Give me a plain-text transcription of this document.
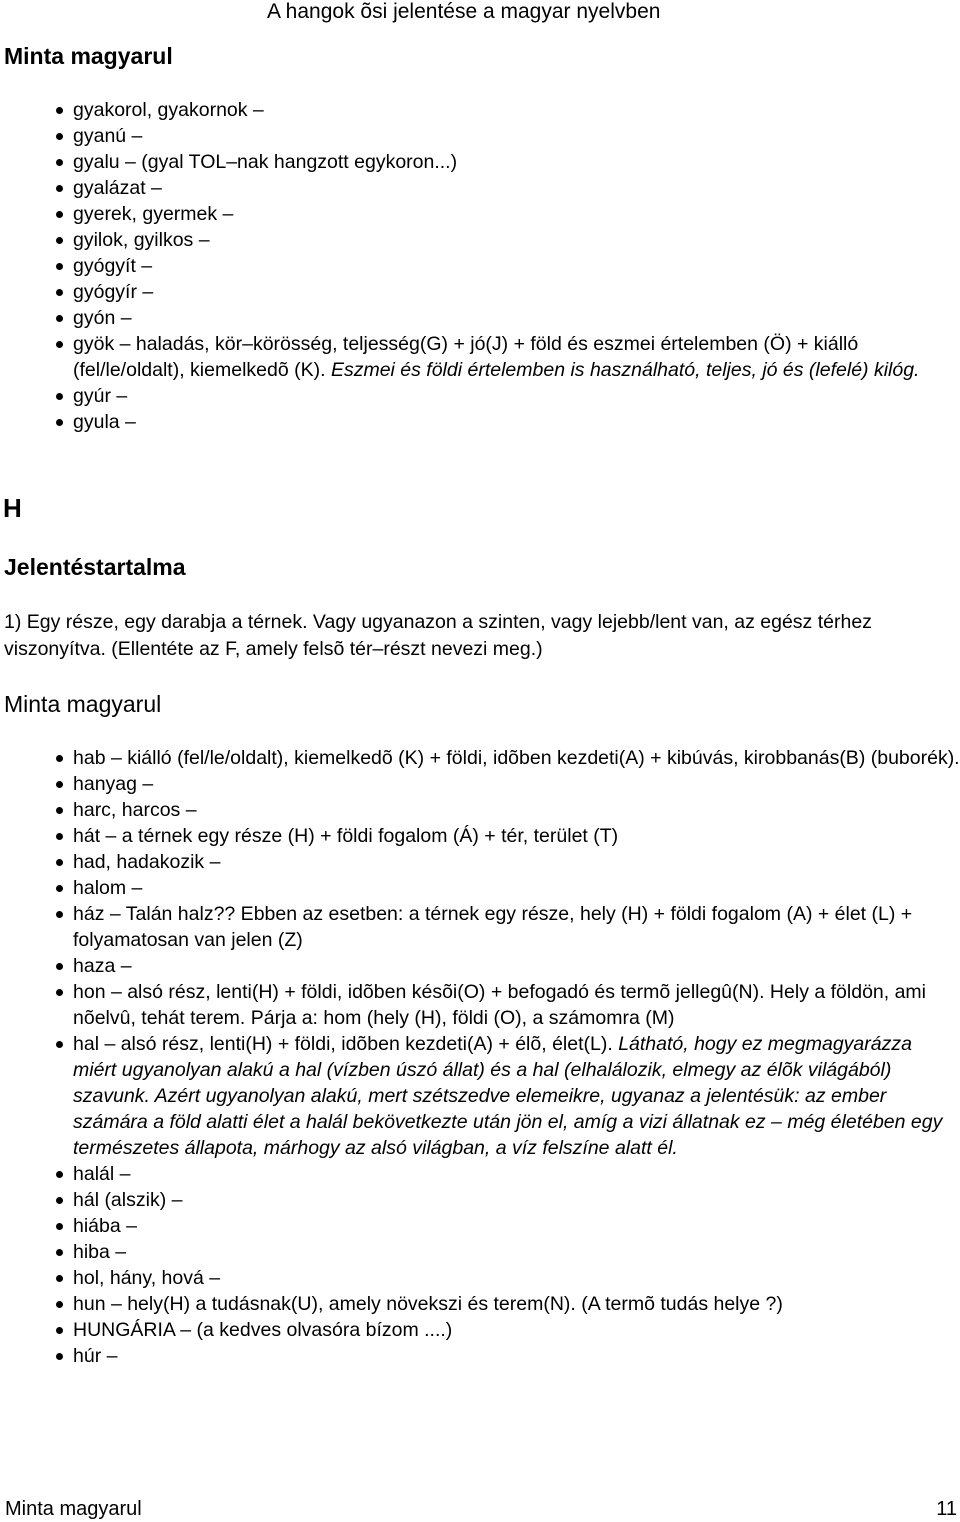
A hangok õsi jelentése a magyar nyelvben
Minta magyarul
gyakorol, gyakornok –
gyanú –
gyalu – (gyal TOL–nak hangzott egykoron...)
gyalázat –
gyerek, gyermek –
gyilok, gyilkos –
gyógyít –
gyógyír –
gyón –
gyök – haladás, kör–körösség, teljesség(G) + jó(J) + föld és eszmei értelemben (Ö) + kiálló (fel/le/oldalt), kiemelkedõ (K). Eszmei és földi értelemben is használható, teljes, jó és (lefelé) kilóg.
gyúr –
gyula –
H
Jelentéstartalma

1) Egy része, egy darabja a térnek. Vagy ugyanazon a szinten, vagy lejebb/lent van, az egész térhez viszonyítva. (Ellentéte az F, amely felsõ tér–részt nevezi meg.)

Minta magyarul
hab – kiálló (fel/le/oldalt), kiemelkedõ (K) + földi, idõben kezdeti(A) + kibúvás, kirobbanás(B) (buborék).
hanyag –
harc, harcos –
hát – a térnek egy része (H) + földi fogalom (Á) + tér, terület (T)
had, hadakozik –
halom –
ház – Talán halz?? Ebben az esetben: a térnek egy része, hely (H) + földi fogalom (A) + élet (L) + folyamatosan van jelen (Z)
haza –
hon – alsó rész, lenti(H) + földi, idõben késõi(O) + befogadó és termõ jellegû(N). Hely a földön, ami nõelvû, tehát terem. Párja a: hom (hely (H), földi (O), a számomra (M)
hal – alsó rész, lenti(H) + földi, idõben kezdeti(A) + élõ, élet(L). Látható, hogy ez megmagyarázza miért ugyanolyan alakú a hal (vízben úszó állat) és a hal (elhalálozik, elmegy az élõk világából) szavunk. Azért ugyanolyan alakú, mert szétszedve elemeikre, ugyanaz a jelentésük: az ember számára a föld alatti élet a halál bekövetkezte után jön el, amíg a vizi állatnak ez – még életében egy természetes állapota, márhogy az alsó világban, a víz felszíne alatt él.
halál –
hál (alszik) –
hiába –
hiba –
hol, hány, hová –
hun – hely(H) a tudásnak(U), amely növekszi és terem(N). (A termõ tudás helye ?)
HUNGÁRIA – (a kedves olvasóra bízom ....)
húr –
Minta magyarul	11
